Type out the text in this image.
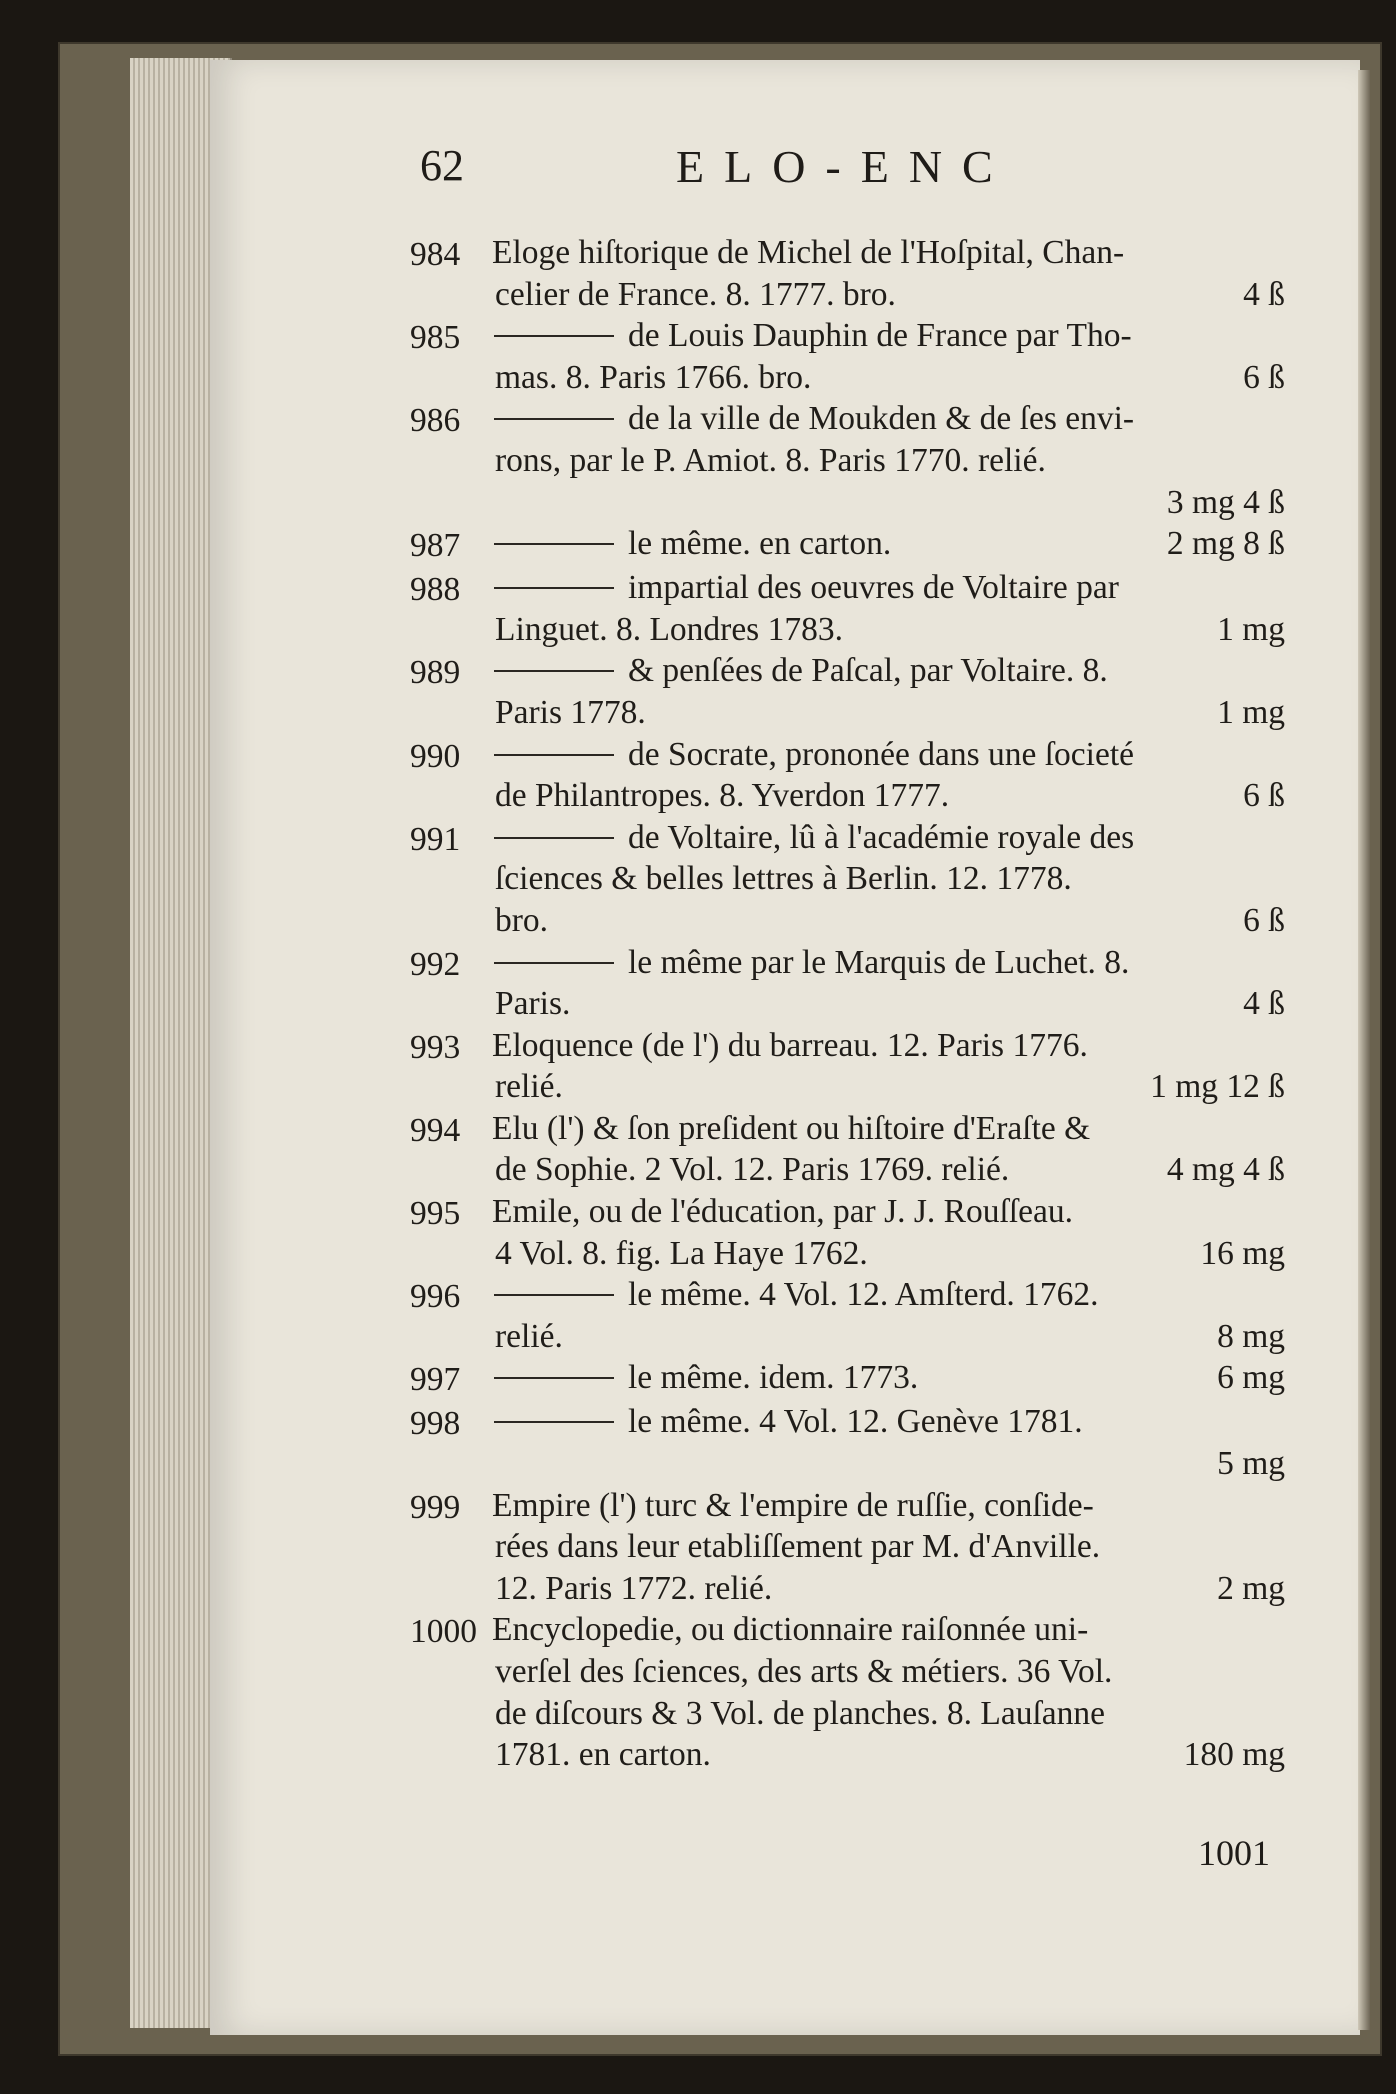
62	ELO-ENC
984 Eloge hiſtorique de Michel de l'Hoſpital, Chan-
celier de France. 8. 1777. bro.	4 ß
985	de Louis Dauphin de France par Tho-
mas. 8. Paris 1766. bro.	6 ß
986	de la ville de Moukden & de ſes envi-
rons, par le P. Amiot. 8. Paris 1770. relié.
3 mg 4 ß
987	le même. en carton.	2 mg 8 ß
988	impartial des oeuvres de Voltaire par
Linguet. 8. Londres 1783.	1 mg
989	& penſées de Paſcal, par Voltaire. 8.
Paris 1778.	1 mg
990	de Socrate, prononée dans une ſocieté
de Philantropes. 8. Yverdon 1777.	6 ß
991	de Voltaire, lû à l'académie royale des
ſciences & belles lettres à Berlin. 12. 1778.
bro.	6 ß
992	le même par le Marquis de Luchet. 8.
Paris.	4 ß
993 Eloquence (de l') du barreau. 12. Paris 1776.
relié.	1 mg 12 ß
994 Elu (l') & ſon preſident ou hiſtoire d'Eraſte &
de Sophie. 2 Vol. 12. Paris 1769. relié.	4 mg 4 ß
995 Emile, ou de l'éducation, par J. J. Rouſſeau.
4 Vol. 8. fig. La Haye 1762.	16 mg
996	le même. 4 Vol. 12. Amſterd. 1762.
relié.	8 mg
997	le même. idem. 1773.	6 mg
998	le même. 4 Vol. 12. Genève 1781.
5 mg
999 Empire (l') turc & l'empire de ruſſie, conſide-
rées dans leur etabliſſement par M. d'Anville.
12. Paris 1772. relié.	2 mg
1000 Encyclopedie, ou dictionnaire raiſonnée uni-
verſel des ſciences, des arts & métiers. 36 Vol.
de diſcours & 3 Vol. de planches. 8. Lauſanne
1781. en carton.	180 mg
1001
